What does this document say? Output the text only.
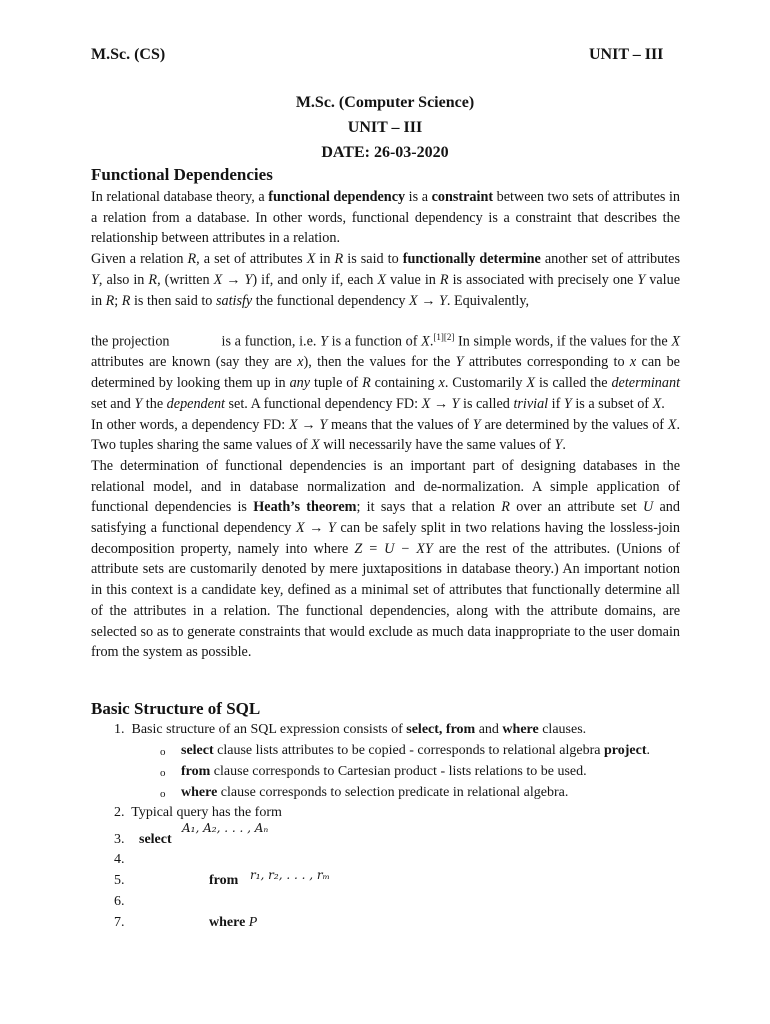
M.Sc. (CS)	UNIT – III
M.Sc. (Computer Science)
UNIT – III
DATE: 26-03-2020
Functional Dependencies

In relational database theory, a functional dependency is a constraint between two sets of attributes in a relation from a database. In other words, functional dependency is a constraint that describes the relationship between attributes in a relation.

Given a relation R, a set of attributes X in R is said to functionally determine another set of attributes Y, also in R, (written X → Y) if, and only if, each X value in R is associated with precisely one Y value in R; R is then said to satisfy the functional dependency X → Y. Equivalently,

the projection	is a function, i.e. Y is a function of X.[1][2] In simple words, if the values for the X attributes are known (say they are x), then the values for the Y attributes corresponding to x can be determined by looking them up in any tuple of R containing x. Customarily X is called the determinant set and Y the dependent set. A functional dependency FD: X → Y is called trivial if Y is a subset of X.

In other words, a dependency FD: X → Y means that the values of Y are determined by the values of X. Two tuples sharing the same values of X will necessarily have the same values of Y.

The determination of functional dependencies is an important part of designing databases in the relational model, and in database normalization and de-normalization. A simple application of functional dependencies is Heath’s theorem; it says that a relation R over an attribute set U and satisfying a functional dependency X → Y can be safely split in two relations having the lossless-join decomposition property, namely into where Z = U − XY are the rest of the attributes. (Unions of attribute sets are customarily denoted by mere juxtapositions in database theory.) An important notion in this context is a candidate key, defined as a minimal set of attributes that functionally determine all of the attributes in a relation. The functional dependencies, along with the attribute domains, are selected so as to generate constraints that would exclude as much data inappropriate to the user domain from the system as possible.

Basic Structure of SQL
1. Basic structure of an SQL expression consists of select, from and where clauses.
o select clause lists attributes to be copied - corresponds to relational algebra project.
o from clause corresponds to Cartesian product - lists relations to be used.
o where clause corresponds to selection predicate in relational algebra.
2. Typical query has the form
3. select
A₁, A₂, . . . , Aₙ
4.
5.	from r₁, r₂, . . . , rₘ
6.
7.	where P
